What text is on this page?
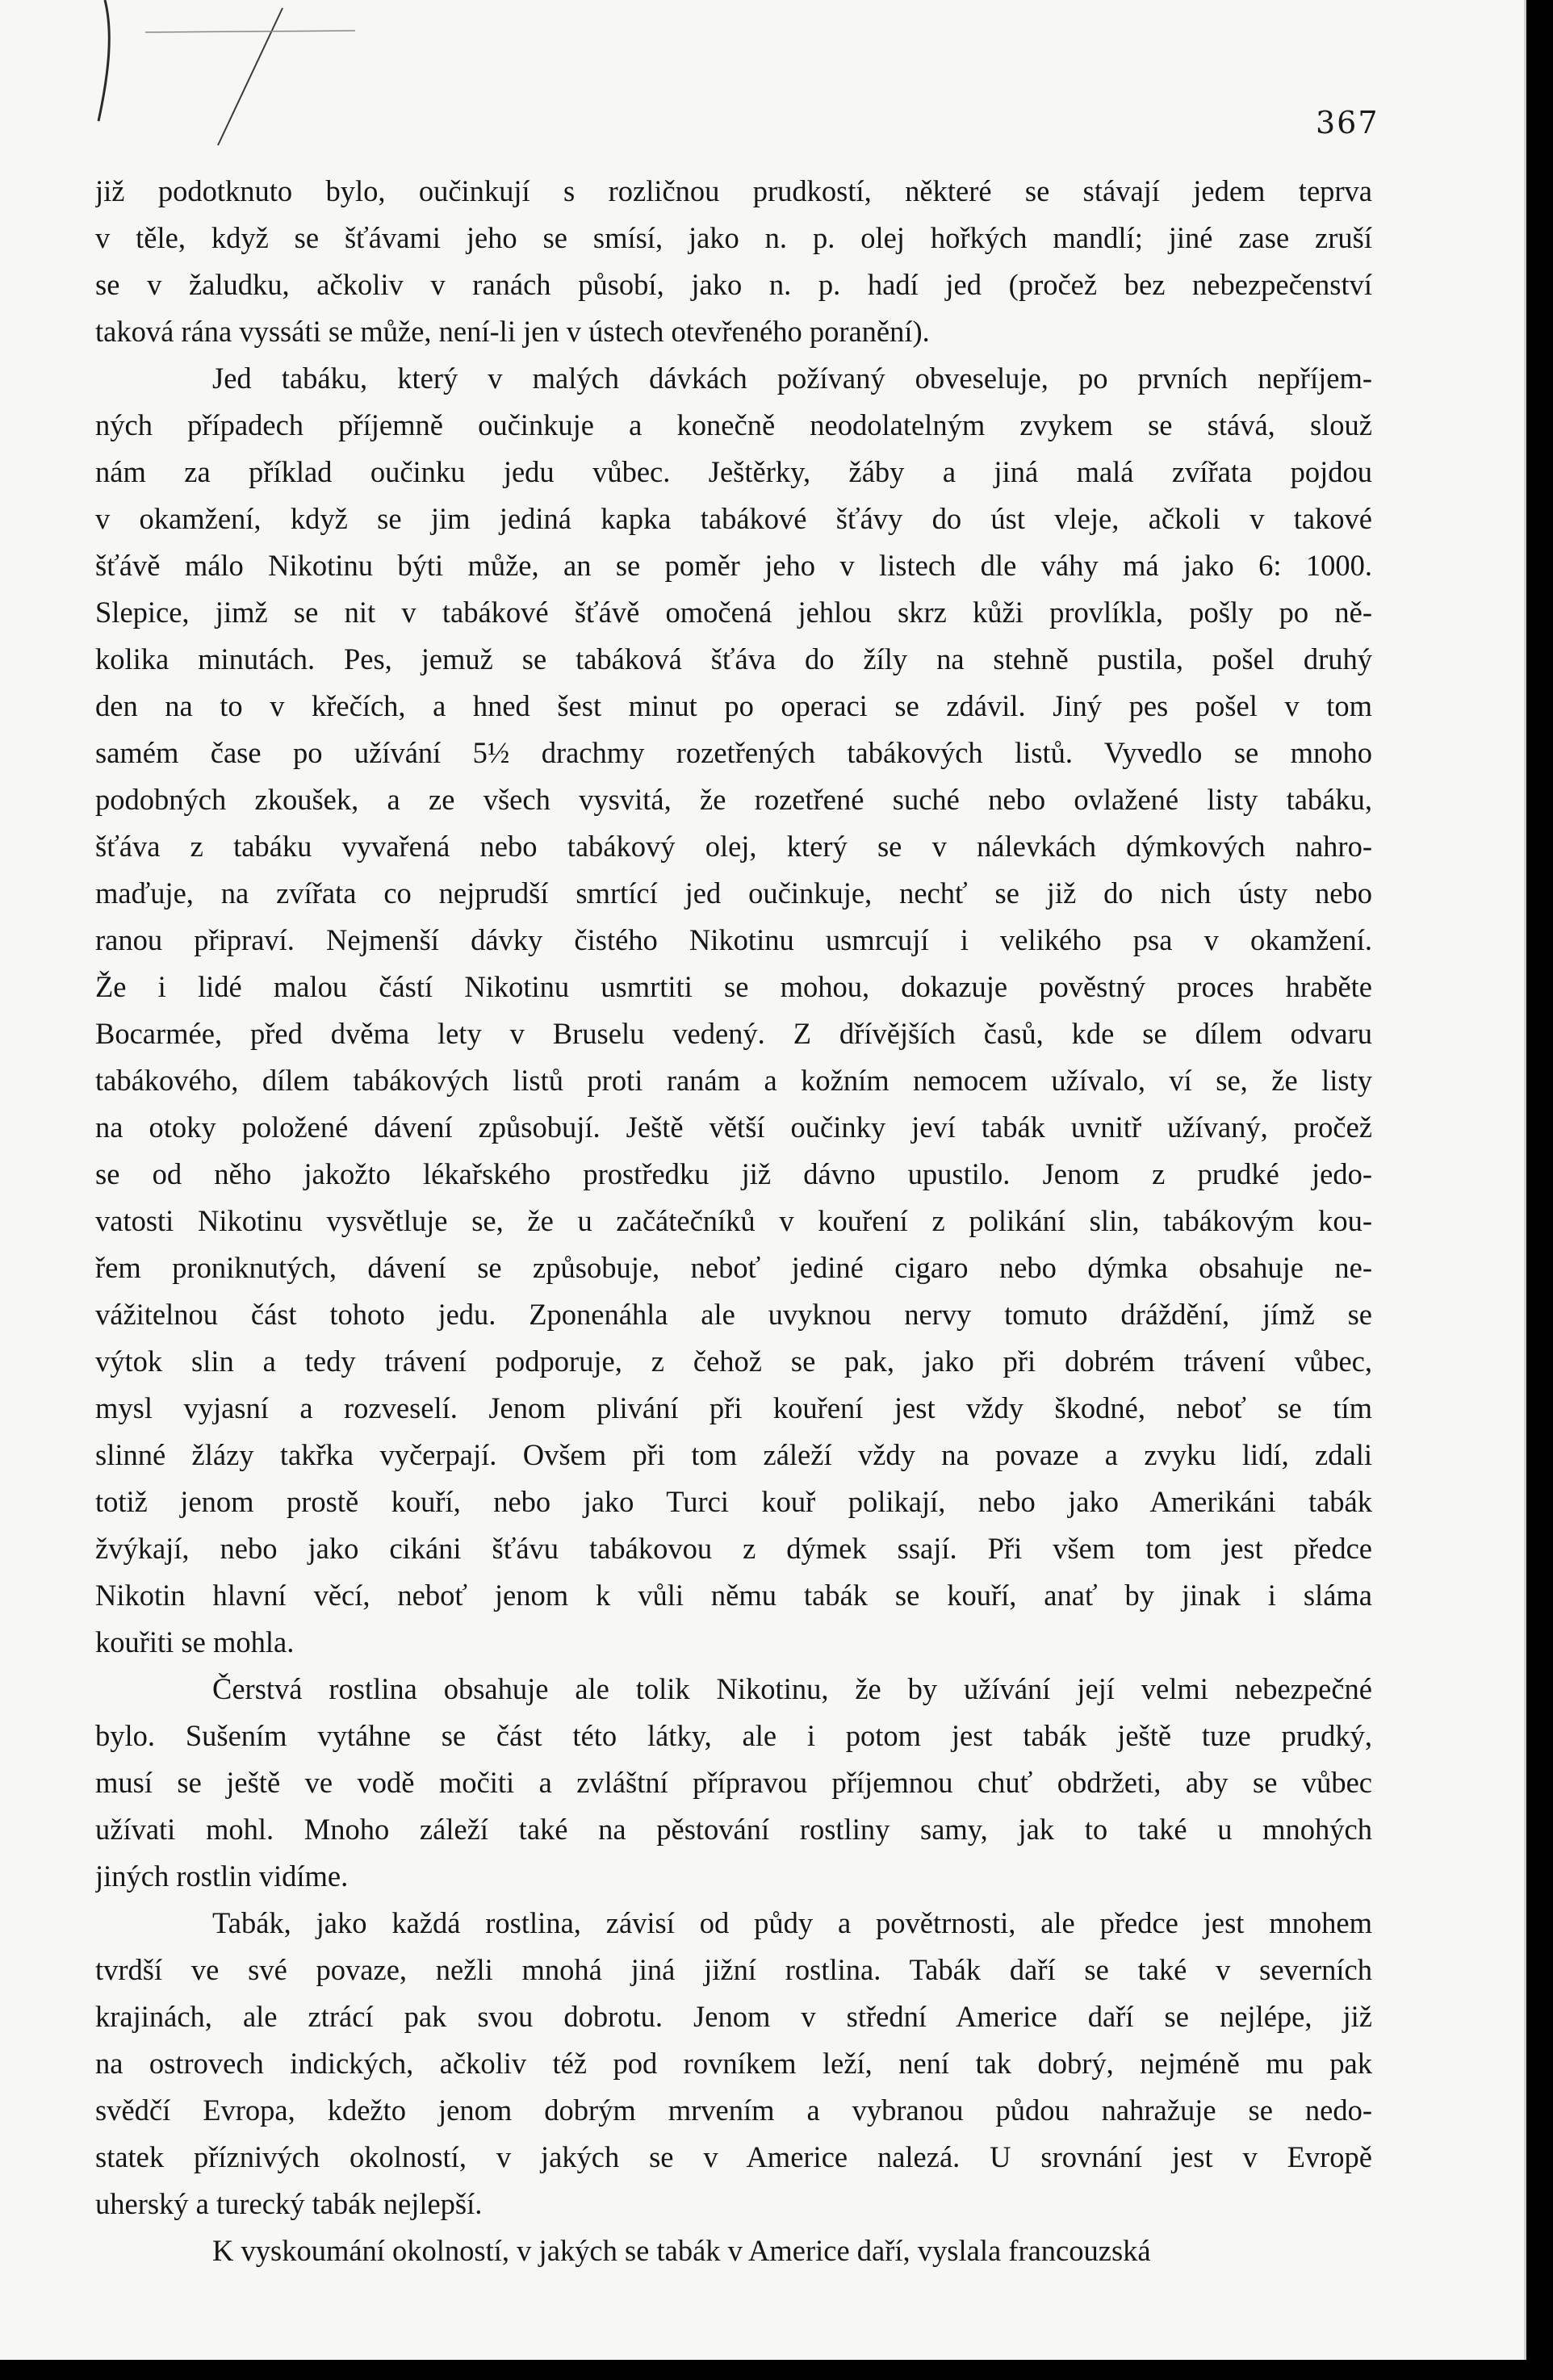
367

již podotknuto bylo, oučinkují s rozličnou prudkostí, některé se stávají jedem teprva
v těle, když se šťávami jeho se smísí, jako n. p. olej hořkých mandlí; jiné zase zruší
se v žaludku, ačkoliv v ranách působí, jako n. p. hadí jed (pročež bez nebezpečenství
taková rána vyssáti se může, není-li jen v ústech otevřeného poranění).

Jed tabáku, který v malých dávkách požívaný obveseluje, po prvních nepříjem-
ných případech příjemně oučinkuje a konečně neodolatelným zvykem se stává, slouž
nám za příklad oučinku jedu vůbec. Ještěrky, žáby a jiná malá zvířata pojdou
v okamžení, když se jim jediná kapka tabákové šťávy do úst vleje, ačkoli v takové
šťávě málo Nikotinu býti může, an se poměr jeho v listech dle váhy má jako 6: 1000.
Slepice, jimž se nit v tabákové šťávě omočená jehlou skrz kůži provlíkla, pošly po ně-
kolika minutách. Pes, jemuž se tabáková šťáva do žíly na stehně pustila, pošel druhý
den na to v křečích, a hned šest minut po operaci se zdávil. Jiný pes pošel v tom
samém čase po užívání 5½ drachmy rozetřených tabákových listů. Vyvedlo se mnoho
podobných zkoušek, a ze všech vysvitá, že rozetřené suché nebo ovlažené listy tabáku,
šťáva z tabáku vyvařená nebo tabákový olej, který se v nálevkách dýmkových nahro-
maďuje, na zvířata co nejprudší smrtící jed oučinkuje, nechť se již do nich ústy nebo
ranou připraví. Nejmenší dávky čistého Nikotinu usmrcují i velikého psa v okamžení.
Že i lidé malou částí Nikotinu usmrtiti se mohou, dokazuje pověstný proces hraběte
Bocarmée, před dvěma lety v Bruselu vedený. Z dřívějších časů, kde se dílem odvaru
tabákového, dílem tabákových listů proti ranám a kožním nemocem užívalo, ví se, že listy
na otoky položené dávení způsobují. Ještě větší oučinky jeví tabák uvnitř užívaný, pročež
se od něho jakožto lékařského prostředku již dávno upustilo. Jenom z prudké jedo-
vatosti Nikotinu vysvětluje se, že u začátečníků v kouření z polikání slin, tabákovým kou-
řem proniknutých, dávení se způsobuje, neboť jediné cigaro nebo dýmka obsahuje ne-
vážitelnou část tohoto jedu. Zponenáhla ale uvyknou nervy tomuto dráždění, jímž se
výtok slin a tedy trávení podporuje, z čehož se pak, jako při dobrém trávení vůbec,
mysl vyjasní a rozveselí. Jenom plivání při kouření jest vždy škodné, neboť se tím
slinné žlázy takřka vyčerpají. Ovšem při tom záleží vždy na povaze a zvyku lidí, zdali
totiž jenom prostě kouří, nebo jako Turci kouř polikají, nebo jako Amerikáni tabák
žvýkají, nebo jako cikáni šťávu tabákovou z dýmek ssají. Při všem tom jest předce
Nikotin hlavní věcí, neboť jenom k vůli němu tabák se kouří, anať by jinak i sláma
kouřiti se mohla.

Čerstvá rostlina obsahuje ale tolik Nikotinu, že by užívání její velmi nebezpečné
bylo. Sušením vytáhne se část této látky, ale i potom jest tabák ještě tuze prudký,
musí se ještě ve vodě močiti a zvláštní přípravou příjemnou chuť obdržeti, aby se vůbec
užívati mohl. Mnoho záleží také na pěstování rostliny samy, jak to také u mnohých
jiných rostlin vidíme.

Tabák, jako každá rostlina, závisí od půdy a povětrnosti, ale předce jest mnohem
tvrdší ve své povaze, nežli mnohá jiná jižní rostlina. Tabák daří se také v severních
krajinách, ale ztrácí pak svou dobrotu. Jenom v střední Americe daří se nejlépe, již
na ostrovech indických, ačkoliv též pod rovníkem leží, není tak dobrý, nejméně mu pak
svědčí Evropa, kdežto jenom dobrým mrvením a vybranou půdou nahražuje se nedo-
statek příznivých okolností, v jakých se v Americe nalezá. U srovnání jest v Evropě
uherský a turecký tabák nejlepší.

K vyskoumání okolností, v jakých se tabák v Americe daří, vyslala francouzská
